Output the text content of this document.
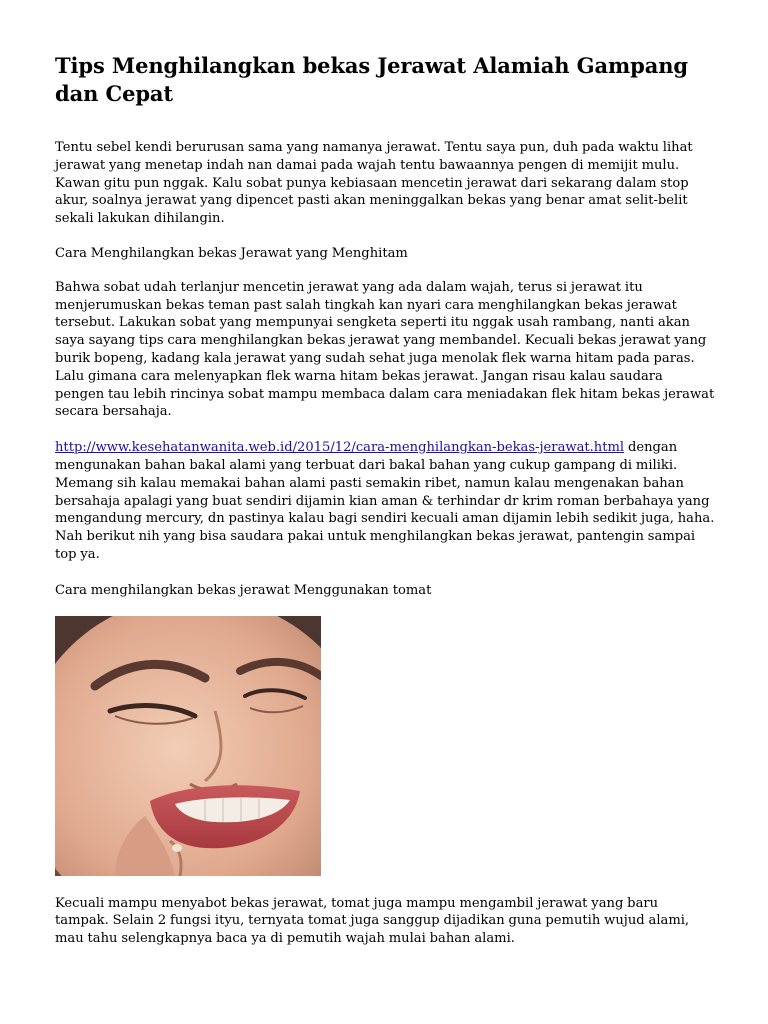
Tips Menghilangkan bekas Jerawat Alamiah Gampang dan Cepat

Tentu sebel kendi berurusan sama yang namanya jerawat. Tentu saya pun, duh pada waktu lihat jerawat yang menetap indah nan damai pada wajah tentu bawaannya pengen di memijit mulu. Kawan gitu pun nggak. Kalu sobat punya kebiasaan mencetin jerawat dari sekarang dalam stop akur, soalnya jerawat yang dipencet pasti akan meninggalkan bekas yang benar amat selit-belit sekali lakukan dihilangin.

Cara Menghilangkan bekas Jerawat yang Menghitam

Bahwa sobat udah terlanjur mencetin jerawat yang ada dalam wajah, terus si jerawat itu menjerumuskan bekas teman past salah tingkah kan nyari cara menghilangkan bekas jerawat tersebut. Lakukan sobat yang mempunyai sengketa seperti itu nggak usah rambang, nanti akan saya sayang tips cara menghilangkan bekas jerawat yang membandel. Kecuali bekas jerawat yang burik bopeng, kadang kala jerawat yang sudah sehat juga menolak flek warna hitam pada paras. Lalu gimana cara melenyapkan flek warna hitam bekas jerawat. Jangan risau kalau saudara pengen tau lebih rincinya sobat mampu membaca dalam cara meniadakan flek hitam bekas jerawat secara bersahaja.

http://www.kesehatanwanita.web.id/2015/12/cara-menghilangkan-bekas-jerawat.html dengan mengunakan bahan bakal alami yang terbuat dari bakal bahan yang cukup gampang di miliki. Memang sih kalau memakai bahan alami pasti semakin ribet, namun kalau mengenakan bahan bersahaja apalagi yang buat sendiri dijamin kian aman & terhindar dr krim roman berbahaya yang mengandung mercury, dn pastinya kalau bagi sendiri kecuali aman dijamin lebih sedikit juga, haha. Nah berikut nih yang bisa saudara pakai untuk menghilangkan bekas jerawat, pantengin sampai top ya.

Cara menghilangkan bekas jerawat Menggunakan tomat

Kecuali mampu menyabot bekas jerawat, tomat juga mampu mengambil jerawat yang baru tampak. Selain 2 fungsi ityu, ternyata tomat juga sanggup dijadikan guna pemutih wujud alami, mau tahu selengkapnya baca ya di pemutih wajah mulai bahan alami.
